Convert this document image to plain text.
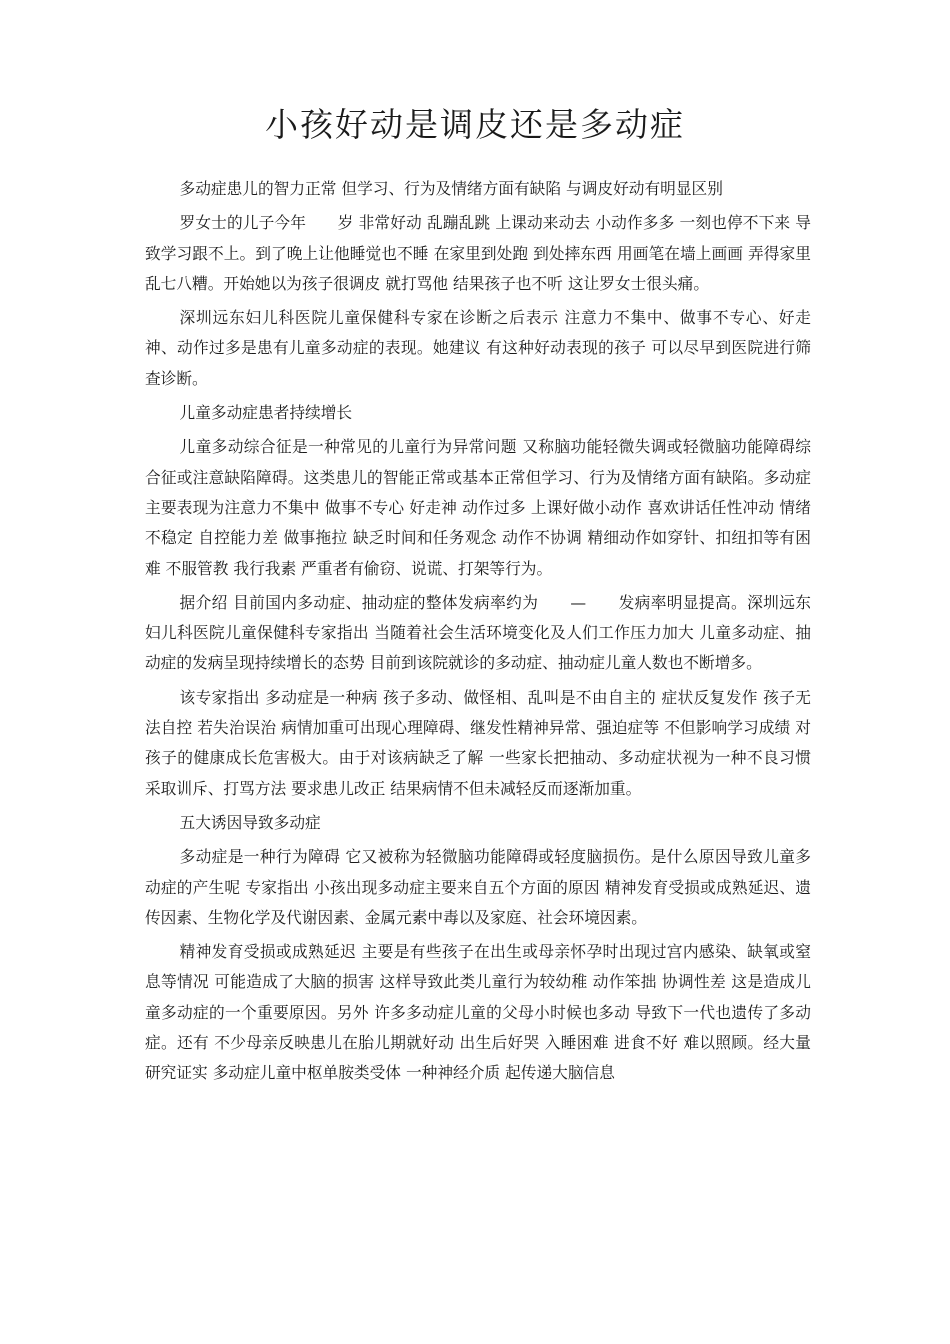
小孩好动是调皮还是多动症

多动症患儿的智力正常 但学习、行为及情绪方面有缺陷 与调皮好动有明显区别

罗女士的儿子今年　　岁 非常好动 乱蹦乱跳 上课动来动去 小动作多多 一刻也停不下来 导致学习跟不上。到了晚上让他睡觉也不睡 在家里到处跑 到处摔东西 用画笔在墙上画画 弄得家里乱七八糟。开始她以为孩子很调皮 就打骂他 结果孩子也不听 这让罗女士很头痛。

深圳远东妇儿科医院儿童保健科专家在诊断之后表示 注意力不集中、做事不专心、好走神、动作过多是患有儿童多动症的表现。她建议 有这种好动表现的孩子 可以尽早到医院进行筛查诊断。

儿童多动症患者持续增长

儿童多动综合征是一种常见的儿童行为异常问题 又称脑功能轻微失调或轻微脑功能障碍综合征或注意缺陷障碍。这类患儿的智能正常或基本正常但学习、行为及情绪方面有缺陷。多动症主要表现为注意力不集中 做事不专心 好走神 动作过多 上课好做小动作 喜欢讲话任性冲动 情绪不稳定 自控能力差 做事拖拉 缺乏时间和任务观念 动作不协调 精细动作如穿针、扣纽扣等有困难 不服管教 我行我素 严重者有偷窃、说谎、打架等行为。

据介绍 目前国内多动症、抽动症的整体发病率约为　　—　　发病率明显提高。深圳远东妇儿科医院儿童保健科专家指出 当随着社会生活环境变化及人们工作压力加大 儿童多动症、抽动症的发病呈现持续增长的态势 目前到该院就诊的多动症、抽动症儿童人数也不断增多。

该专家指出 多动症是一种病 孩子多动、做怪相、乱叫是不由自主的 症状反复发作 孩子无法自控 若失治误治 病情加重可出现心理障碍、继发性精神异常、强迫症等 不但影响学习成绩 对孩子的健康成长危害极大。由于对该病缺乏了解 一些家长把抽动、多动症状视为一种不良习惯 采取训斥、打骂方法 要求患儿改正 结果病情不但未减轻反而逐渐加重。

五大诱因导致多动症

多动症是一种行为障碍 它又被称为轻微脑功能障碍或轻度脑损伤。是什么原因导致儿童多动症的产生呢 专家指出 小孩出现多动症主要来自五个方面的原因 精神发育受损或成熟延迟、遗传因素、生物化学及代谢因素、金属元素中毒以及家庭、社会环境因素。

精神发育受损或成熟延迟 主要是有些孩子在出生或母亲怀孕时出现过宫内感染、缺氧或窒息等情况 可能造成了大脑的损害 这样导致此类儿童行为较幼稚 动作笨拙 协调性差 这是造成儿童多动症的一个重要原因。另外 许多多动症儿童的父母小时候也多动 导致下一代也遗传了多动症。还有 不少母亲反映患儿在胎儿期就好动 出生后好哭 入睡困难 进食不好 难以照顾。经大量研究证实 多动症儿童中枢单胺类受体 一种神经介质 起传递大脑信息
